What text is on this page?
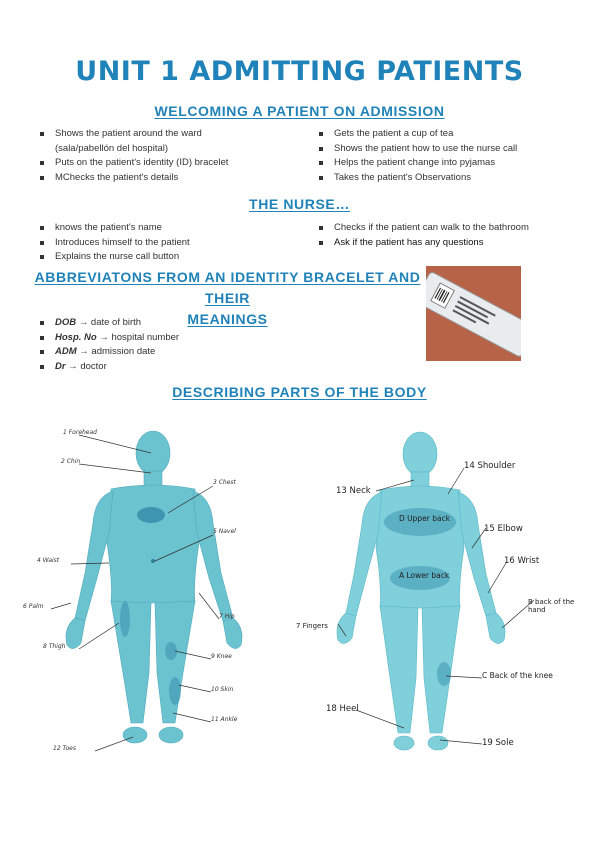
UNIT 1 ADMITTING PATIENTS
WELCOMING A PATIENT ON ADMISSION
Shows the patient around the ward
(sala/pabellón del hospital)
Puts on the patient's identity (ID) bracelet
MChecks the patient's details
Gets the patient a cup of tea
Shows the patient how to use the nurse call
Helps the patient change into pyjamas
Takes the patient's Observations
THE NURSE…
knows the patient's name
Introduces himself to the patient
Explains the nurse call button
Checks if the patient can walk to the bathroom
Ask if the patient has any questions
ABBREVIATONS FROM AN IDENTITY BRACELET AND THEIR
MEANINGS
DOB → date of birth
Hosp. No → hospital number
ADM → admission date
Dr → doctor
DESCRIBING PARTS OF THE BODY
1 Forehead
2 Chin
3 Chest
4 Waist
5 Navel
6 Palm
7 Hip
8 Thigh
9 Knee
10 Skin
11 Ankle
12 Toes
13 Neck
14 Shoulder
15 Elbow
16 Wrist
D Upper back
A Lower back
B back of the hand
7 Fingers
C Back of the knee
18 Heel
19 Sole
